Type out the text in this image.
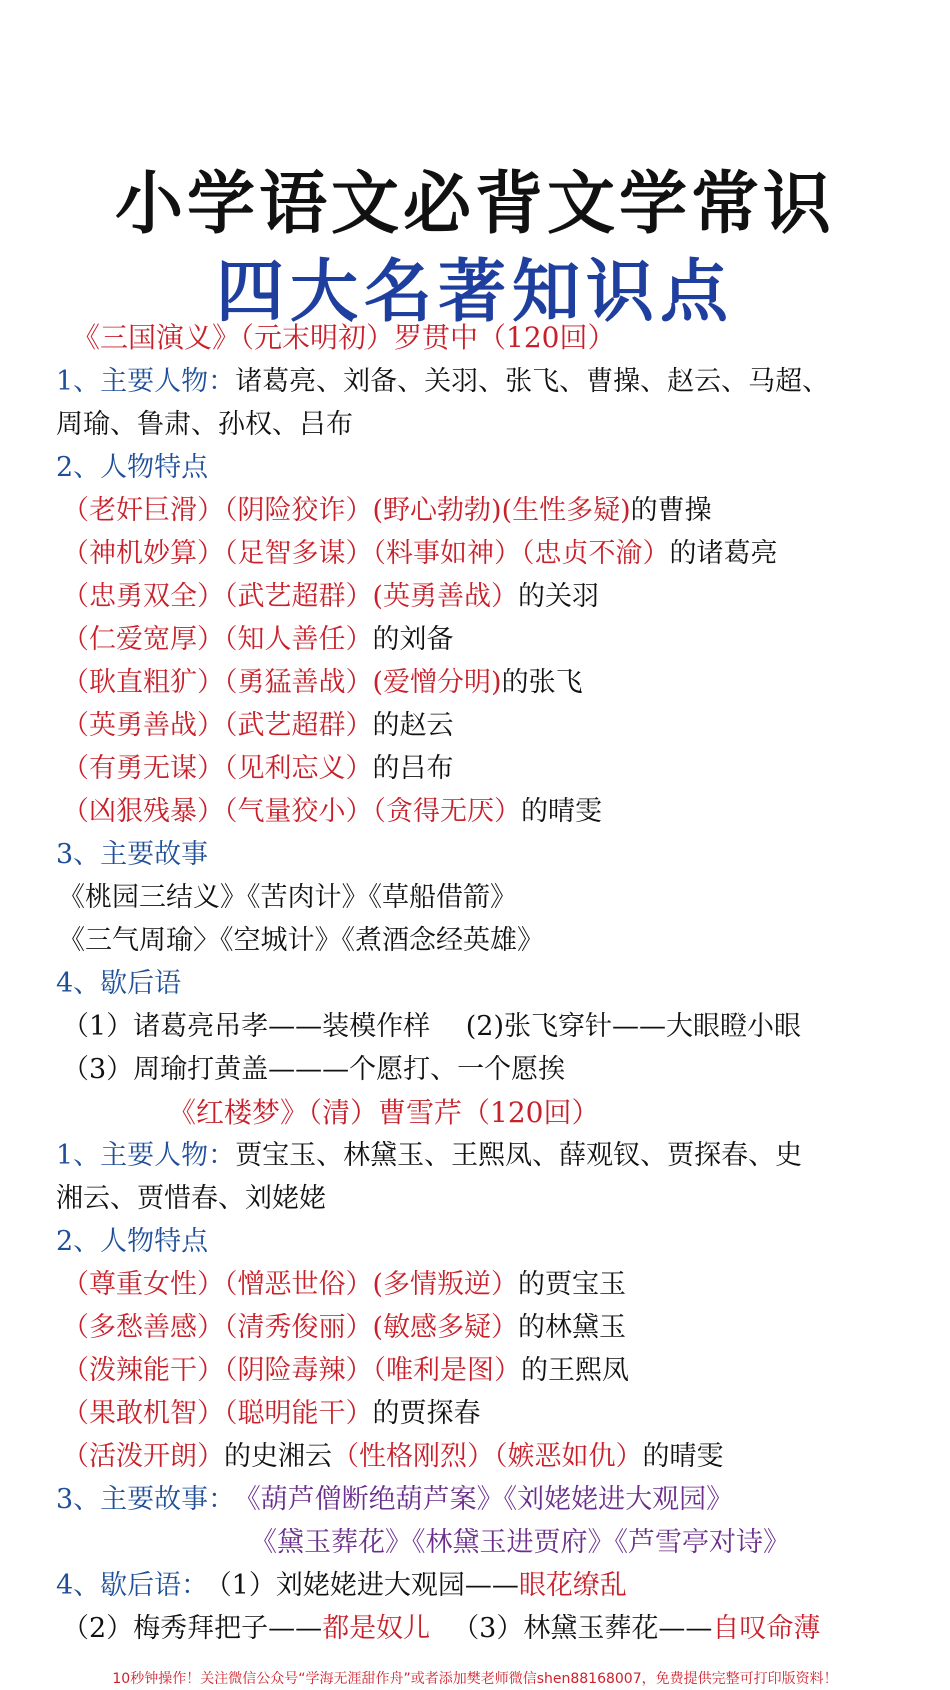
小学语文必背文学常识
四大名著知识点
《三国演义》（元末明初）罗贯中（120回）
1、主要人物：诸葛亮、刘备、关羽、张飞、曹操、赵云、马超、
周瑜、鲁肃、孙权、吕布
2、人物特点
（老奸巨滑）（阴险狡诈）(野心勃勃)(生性多疑)的曹操
（神机妙算）（足智多谋）（料事如神）（忠贞不渝）的诸葛亮
（忠勇双全）（武艺超群）(英勇善战）的关羽
（仁爱宽厚）（知人善任）的刘备
（耿直粗犷）（勇猛善战）(爱憎分明)的张飞
（英勇善战）（武艺超群）的赵云
（有勇无谋）（见利忘义）的吕布
（凶狠残暴）（气量狡小）（贪得无厌）的晴雯
3、主要故事
《桃园三结义》《苦肉计》《草船借箭》
《三气周瑜〉《空城计》《煮酒念经英雄》
4、歇后语
（1）诸葛亮吊孝——装模作样　 (2)张飞穿针——大眼瞪小眼
（3）周瑜打黄盖———个愿打、一个愿挨
《红楼梦》（清）曹雪芹（120回）
1、主要人物：贾宝玉、林黛玉、王熙凤、薛观钗、贾探春、史
湘云、贾惜春、刘姥姥
2、人物特点
（尊重女性）（憎恶世俗）(多情叛逆）的贾宝玉
（多愁善感）（清秀俊丽）(敏感多疑）的林黛玉
（泼辣能干）（阴险毒辣）（唯利是图）的王熙凤
（果敢机智）（聪明能干）的贾探春
（活泼开朗）的史湘云（性格刚烈）（嫉恶如仇）的晴雯
3、主要故事： 《葫芦僧断绝葫芦案》《刘姥姥进大观园》
《黛玉葬花》《林黛玉进贾府》《芦雪亭对诗》
4、歇后语： （1）刘姥姥进大观园——眼花缭乱
（2）梅秀拜把子——都是奴儿 （3）林黛玉葬花——自叹命薄
10秒钟操作！关注微信公众号“学海无涯甜作舟”或者添加樊老师微信shen88168007，免费提供完整可打印版资料！
